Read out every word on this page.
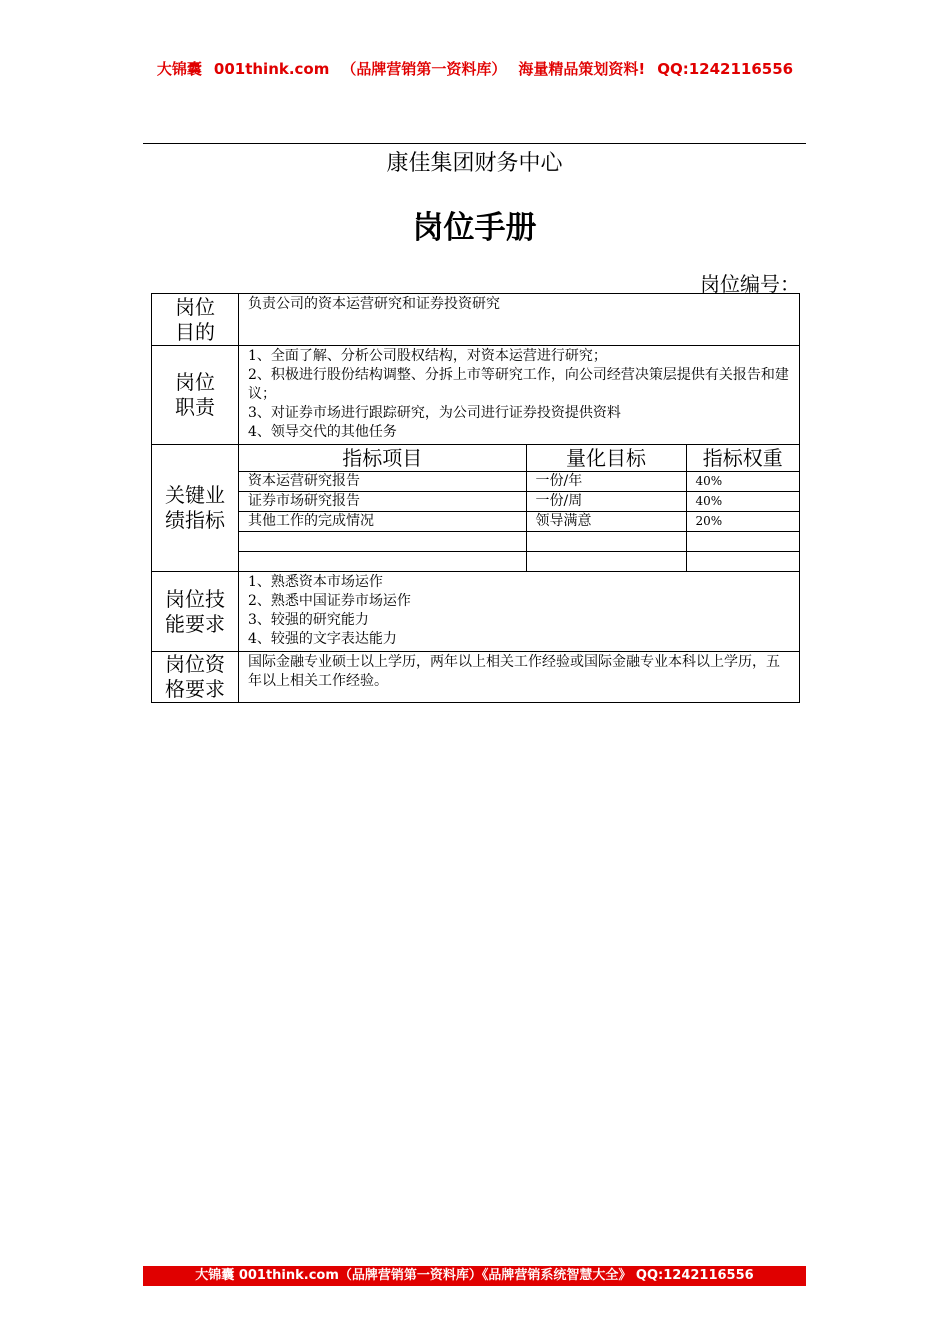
大锦囊 001think.com （品牌营销第一资料库） 海量精品策划资料! QQ:1242116556
康佳集团财务中心
岗位手册
岗位编号：
岗位
目的

负责公司的资本运营研究和证券投资研究

岗位
职责

1、全面了解、分析公司股权结构，对资本运营进行研究；
2、积极进行股份结构调整、分拆上市等研究工作，向公司经营决策层提供有关报告和建议；
3、对证券市场进行跟踪研究，为公司进行证券投资提供资料
4、领导交代的其他任务

关键业
绩指标

指标项目	量化目标	指标权重
资本运营研究报告	一份/年	40%
证券市场研究报告	一份/周	40%
其他工作的完成情况	领导满意	20%

岗位技
能要求

1、熟悉资本市场运作
2、熟悉中国证券市场运作
3、较强的研究能力
4、较强的文字表达能力

岗位资
格要求

国际金融专业硕士以上学历，两年以上相关工作经验或国际金融专业本科以上学历，五年以上相关工作经验。
大锦囊 001think.com（品牌营销第一资料库）《品牌营销系统智慧大全》 QQ:1242116556
